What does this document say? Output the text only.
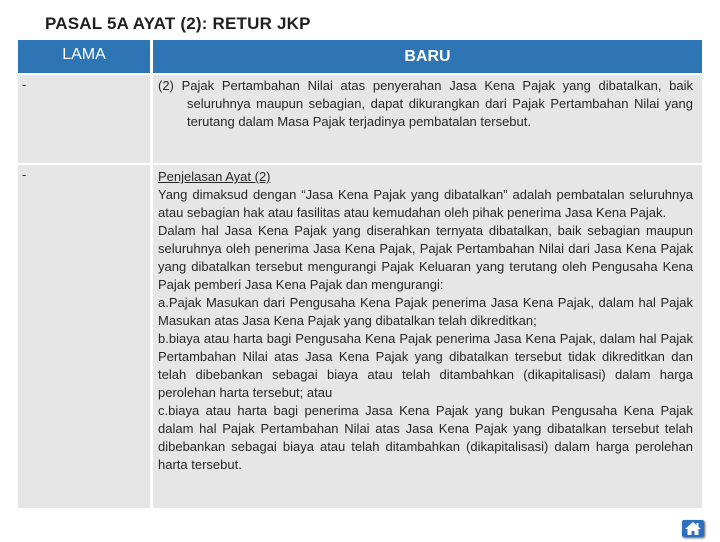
PASAL 5A AYAT (2): RETUR JKP
LAMA	BARU
-	(2) Pajak Pertambahan Nilai atas penyerahan Jasa Kena Pajak yang dibatalkan, baik seluruhnya maupun sebagian, dapat dikurangkan dari Pajak Pertambahan Nilai yang terutang dalam Masa Pajak terjadinya pembatalan tersebut.
-	Penjelasan Ayat (2)

Yang dimaksud dengan “Jasa Kena Pajak yang dibatalkan” adalah pembatalan seluruhnya atau sebagian hak atau fasilitas atau kemudahan oleh pihak penerima Jasa Kena Pajak.

Dalam hal Jasa Kena Pajak yang diserahkan ternyata dibatalkan, baik sebagian maupun seluruhnya oleh penerima Jasa Kena Pajak, Pajak Pertambahan Nilai dari Jasa Kena Pajak yang dibatalkan tersebut mengurangi Pajak Keluaran yang terutang oleh Pengusaha Kena Pajak pemberi Jasa Kena Pajak dan mengurangi:

a.Pajak Masukan dari Pengusaha Kena Pajak penerima Jasa Kena Pajak, dalam hal Pajak Masukan atas Jasa Kena Pajak yang dibatalkan telah dikreditkan;

b.biaya atau harta bagi Pengusaha Kena Pajak penerima Jasa Kena Pajak, dalam hal Pajak Pertambahan Nilai atas Jasa Kena Pajak yang dibatalkan tersebut tidak dikreditkan dan telah dibebankan sebagai biaya atau telah ditambahkan (dikapitalisasi) dalam harga perolehan harta tersebut; atau

c.biaya atau harta bagi penerima Jasa Kena Pajak yang bukan Pengusaha Kena Pajak dalam hal Pajak Pertambahan Nilai atas Jasa Kena Pajak yang dibatalkan tersebut telah dibebankan sebagai biaya atau telah ditambahkan (dikapitalisasi) dalam harga perolehan harta tersebut.
